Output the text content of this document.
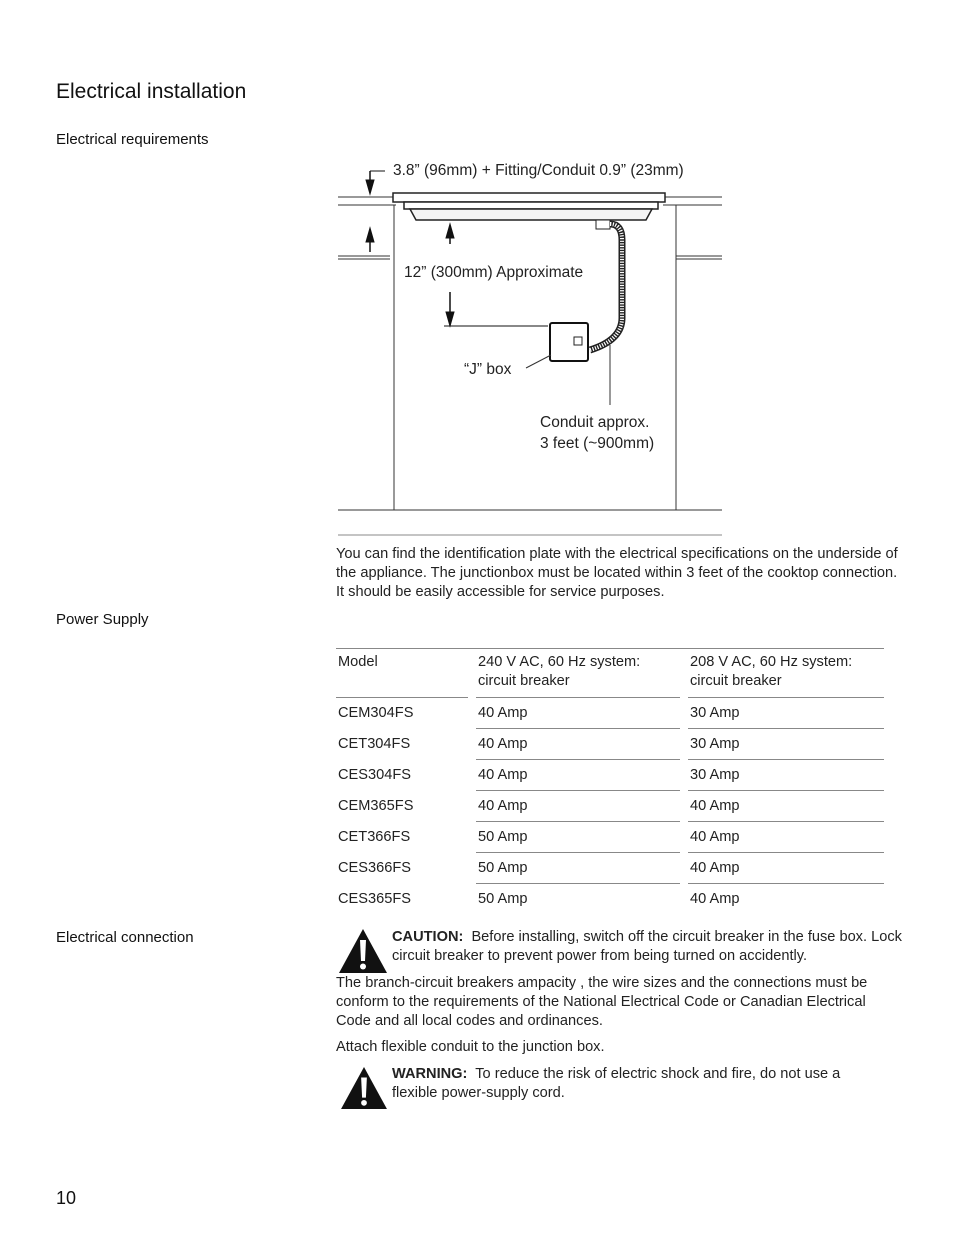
Electrical installation
Electrical requirements
3.8” (96mm) + Fitting/Conduit 0.9” (23mm)
12” (300mm) Approximate
“J” box
Conduit approx.
3 feet (~900mm)
You can find the identification plate with the electrical specifications on the underside of the appliance. The junctionbox must be located within 3 feet of the cooktop connection. It should be easily accessible for service purposes.
Power Supply
Model		240 V AC, 60 Hz system: circuit breaker		208 V AC, 60 Hz system: circuit breaker
CEM304FS		40 Amp		30 Amp
CET304FS		40 Amp		30 Amp
CES304FS		40 Amp		30 Amp
CEM365FS		40 Amp		40 Amp
CET366FS		50 Amp		40 Amp
CES366FS		50 Amp		40 Amp
CES365FS		50 Amp		40 Amp
Electrical connection	CAUTION: Before installing, switch off the circuit breaker in the fuse box. Lock circuit breaker to prevent power from being turned on accidently.
The branch-circuit breakers ampacity , the wire sizes and the connections must be conform to the requirements of the National Electrical Code or Canadian Electrical Code and all local codes and ordinances.
Attach flexible conduit to the junction box.
WARNING: To reduce the risk of electric shock and fire, do not use a flexible power-supply cord.
10
